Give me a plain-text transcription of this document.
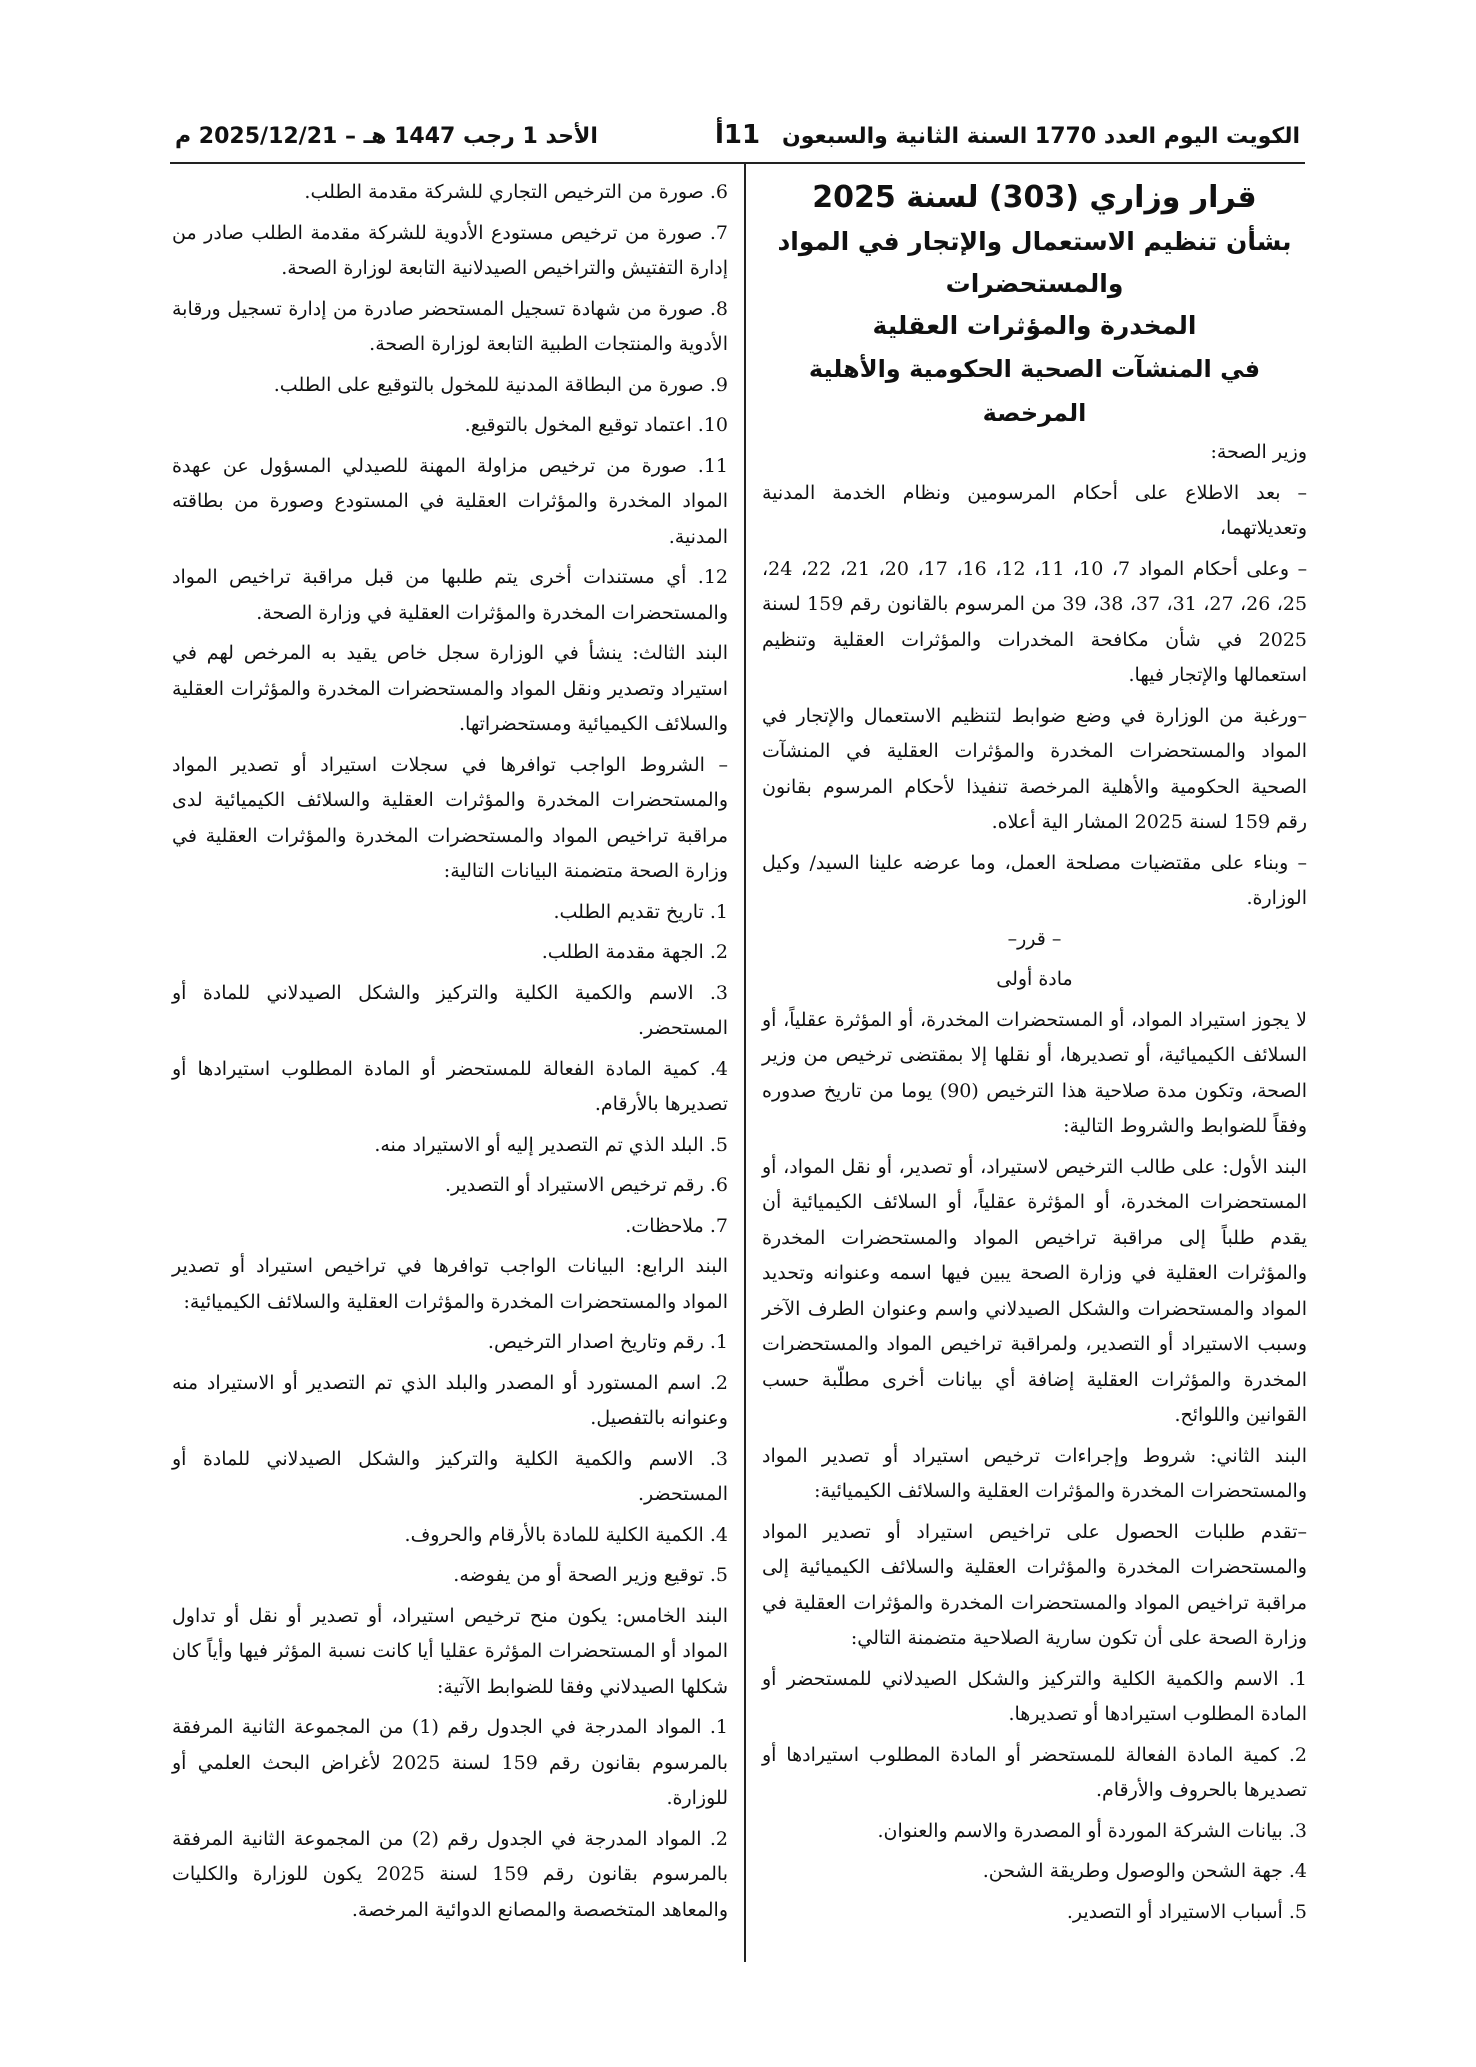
الكويت اليوم العدد 1770 السنة الثانية والسبعون
11أ
الأحد 1 رجب 1447 هـ – 2025/12/21 م
قرار وزاري (303) لسنة 2025
بشأن تنظيم الاستعمال والإتجار في المواد والمستحضرات
المخدرة والمؤثرات العقلية
في المنشآت الصحية الحكومية والأهلية المرخصة

وزير الصحة:

– بعد الاطلاع على أحكام المرسومين ونظام الخدمة المدنية وتعديلاتهما،

– وعلى أحكام المواد 7، 10، 11، 12، 16، 17، 20، 21، 22، 24، 25، 26، 27، 31، 37، 38، 39 من المرسوم بالقانون رقم 159 لسنة 2025 في شأن مكافحة المخدرات والمؤثرات العقلية وتنظيم استعمالها والإتجار فيها.

–ورغبة من الوزارة في وضع ضوابط لتنظيم الاستعمال والإتجار في المواد والمستحضرات المخدرة والمؤثرات العقلية في المنشآت الصحية الحكومية والأهلية المرخصة تنفيذا لأحكام المرسوم بقانون رقم 159 لسنة 2025 المشار الية أعلاه.

– وبناء على مقتضيات مصلحة العمل، وما عرضه علينا السيد/ وكيل الوزارة.

– قرر–

مادة أولى

لا يجوز استيراد المواد، أو المستحضرات المخدرة، أو المؤثرة عقلياً، أو السلائف الكيميائية، أو تصديرها، أو نقلها إلا بمقتضى ترخيص من وزير الصحة، وتكون مدة صلاحية هذا الترخيص (90) يوما من تاريخ صدوره وفقاً للضوابط والشروط التالية:

البند الأول: على طالب الترخيص لاستيراد، أو تصدير، أو نقل المواد، أو المستحضرات المخدرة، أو المؤثرة عقلياً، أو السلائف الكيميائية أن يقدم طلباً إلى مراقبة تراخيص المواد والمستحضرات المخدرة والمؤثرات العقلية في وزارة الصحة يبين فيها اسمه وعنوانه وتحديد المواد والمستحضرات والشكل الصيدلاني واسم وعنوان الطرف الآخر وسبب الاستيراد أو التصدير، ولمراقبة تراخيص المواد والمستحضرات المخدرة والمؤثرات العقلية إضافة أي بيانات أخرى مطلّبة حسب القوانين واللوائح.

البند الثاني: شروط وإجراءات ترخيص استيراد أو تصدير المواد والمستحضرات المخدرة والمؤثرات العقلية والسلائف الكيميائية:

–تقدم طلبات الحصول على تراخيص استيراد أو تصدير المواد والمستحضرات المخدرة والمؤثرات العقلية والسلائف الكيميائية إلى مراقبة تراخيص المواد والمستحضرات المخدرة والمؤثرات العقلية في وزارة الصحة على أن تكون سارية الصلاحية متضمنة التالي:

1. الاسم والكمية الكلية والتركيز والشكل الصيدلاني للمستحضر أو المادة المطلوب استيرادها أو تصديرها.

2. كمية المادة الفعالة للمستحضر أو المادة المطلوب استيرادها أو تصديرها بالحروف والأرقام.

3. بيانات الشركة الموردة أو المصدرة والاسم والعنوان.

4. جهة الشحن والوصول وطريقة الشحن.

5. أسباب الاستيراد أو التصدير.

6. صورة من الترخيص التجاري للشركة مقدمة الطلب.

7. صورة من ترخيص مستودع الأدوية للشركة مقدمة الطلب صادر من إدارة التفتيش والتراخيص الصيدلانية التابعة لوزارة الصحة.

8. صورة من شهادة تسجيل المستحضر صادرة من إدارة تسجيل ورقابة الأدوية والمنتجات الطبية التابعة لوزارة الصحة.

9. صورة من البطاقة المدنية للمخول بالتوقيع على الطلب.

10. اعتماد توقيع المخول بالتوقيع.

11. صورة من ترخيص مزاولة المهنة للصيدلي المسؤول عن عهدة المواد المخدرة والمؤثرات العقلية في المستودع وصورة من بطاقته المدنية.

12. أي مستندات أخرى يتم طلبها من قبل مراقبة تراخيص المواد والمستحضرات المخدرة والمؤثرات العقلية في وزارة الصحة.

البند الثالث: ينشأ في الوزارة سجل خاص يقيد به المرخص لهم في استيراد وتصدير ونقل المواد والمستحضرات المخدرة والمؤثرات العقلية والسلائف الكيميائية ومستحضراتها.

– الشروط الواجب توافرها في سجلات استيراد أو تصدير المواد والمستحضرات المخدرة والمؤثرات العقلية والسلائف الكيميائية لدى مراقبة تراخيص المواد والمستحضرات المخدرة والمؤثرات العقلية في وزارة الصحة متضمنة البيانات التالية:

1. تاريخ تقديم الطلب.

2. الجهة مقدمة الطلب.

3. الاسم والكمية الكلية والتركيز والشكل الصيدلاني للمادة أو المستحضر.

4. كمية المادة الفعالة للمستحضر أو المادة المطلوب استيرادها أو تصديرها بالأرقام.

5. البلد الذي تم التصدير إليه أو الاستيراد منه.

6. رقم ترخيص الاستيراد أو التصدير.

7. ملاحظات.

البند الرابع: البيانات الواجب توافرها في تراخيص استيراد أو تصدير المواد والمستحضرات المخدرة والمؤثرات العقلية والسلائف الكيميائية:

1. رقم وتاريخ اصدار الترخيص.

2. اسم المستورد أو المصدر والبلد الذي تم التصدير أو الاستيراد منه وعنوانه بالتفصيل.

3. الاسم والكمية الكلية والتركيز والشكل الصيدلاني للمادة أو المستحضر.

4. الكمية الكلية للمادة بالأرقام والحروف.

5. توقيع وزير الصحة أو من يفوضه.

البند الخامس: يكون منح ترخيص استيراد، أو تصدير أو نقل أو تداول المواد أو المستحضرات المؤثرة عقليا أيا كانت نسبة المؤثر فيها وأياً كان شكلها الصيدلاني وفقا للضوابط الآتية:

1. المواد المدرجة في الجدول رقم (1) من المجموعة الثانية المرفقة بالمرسوم بقانون رقم 159 لسنة 2025 لأغراض البحث العلمي أو للوزارة.

2. المواد المدرجة في الجدول رقم (2) من المجموعة الثانية المرفقة بالمرسوم بقانون رقم 159 لسنة 2025 يكون للوزارة والكليات والمعاهد المتخصصة والمصانع الدوائية المرخصة.
